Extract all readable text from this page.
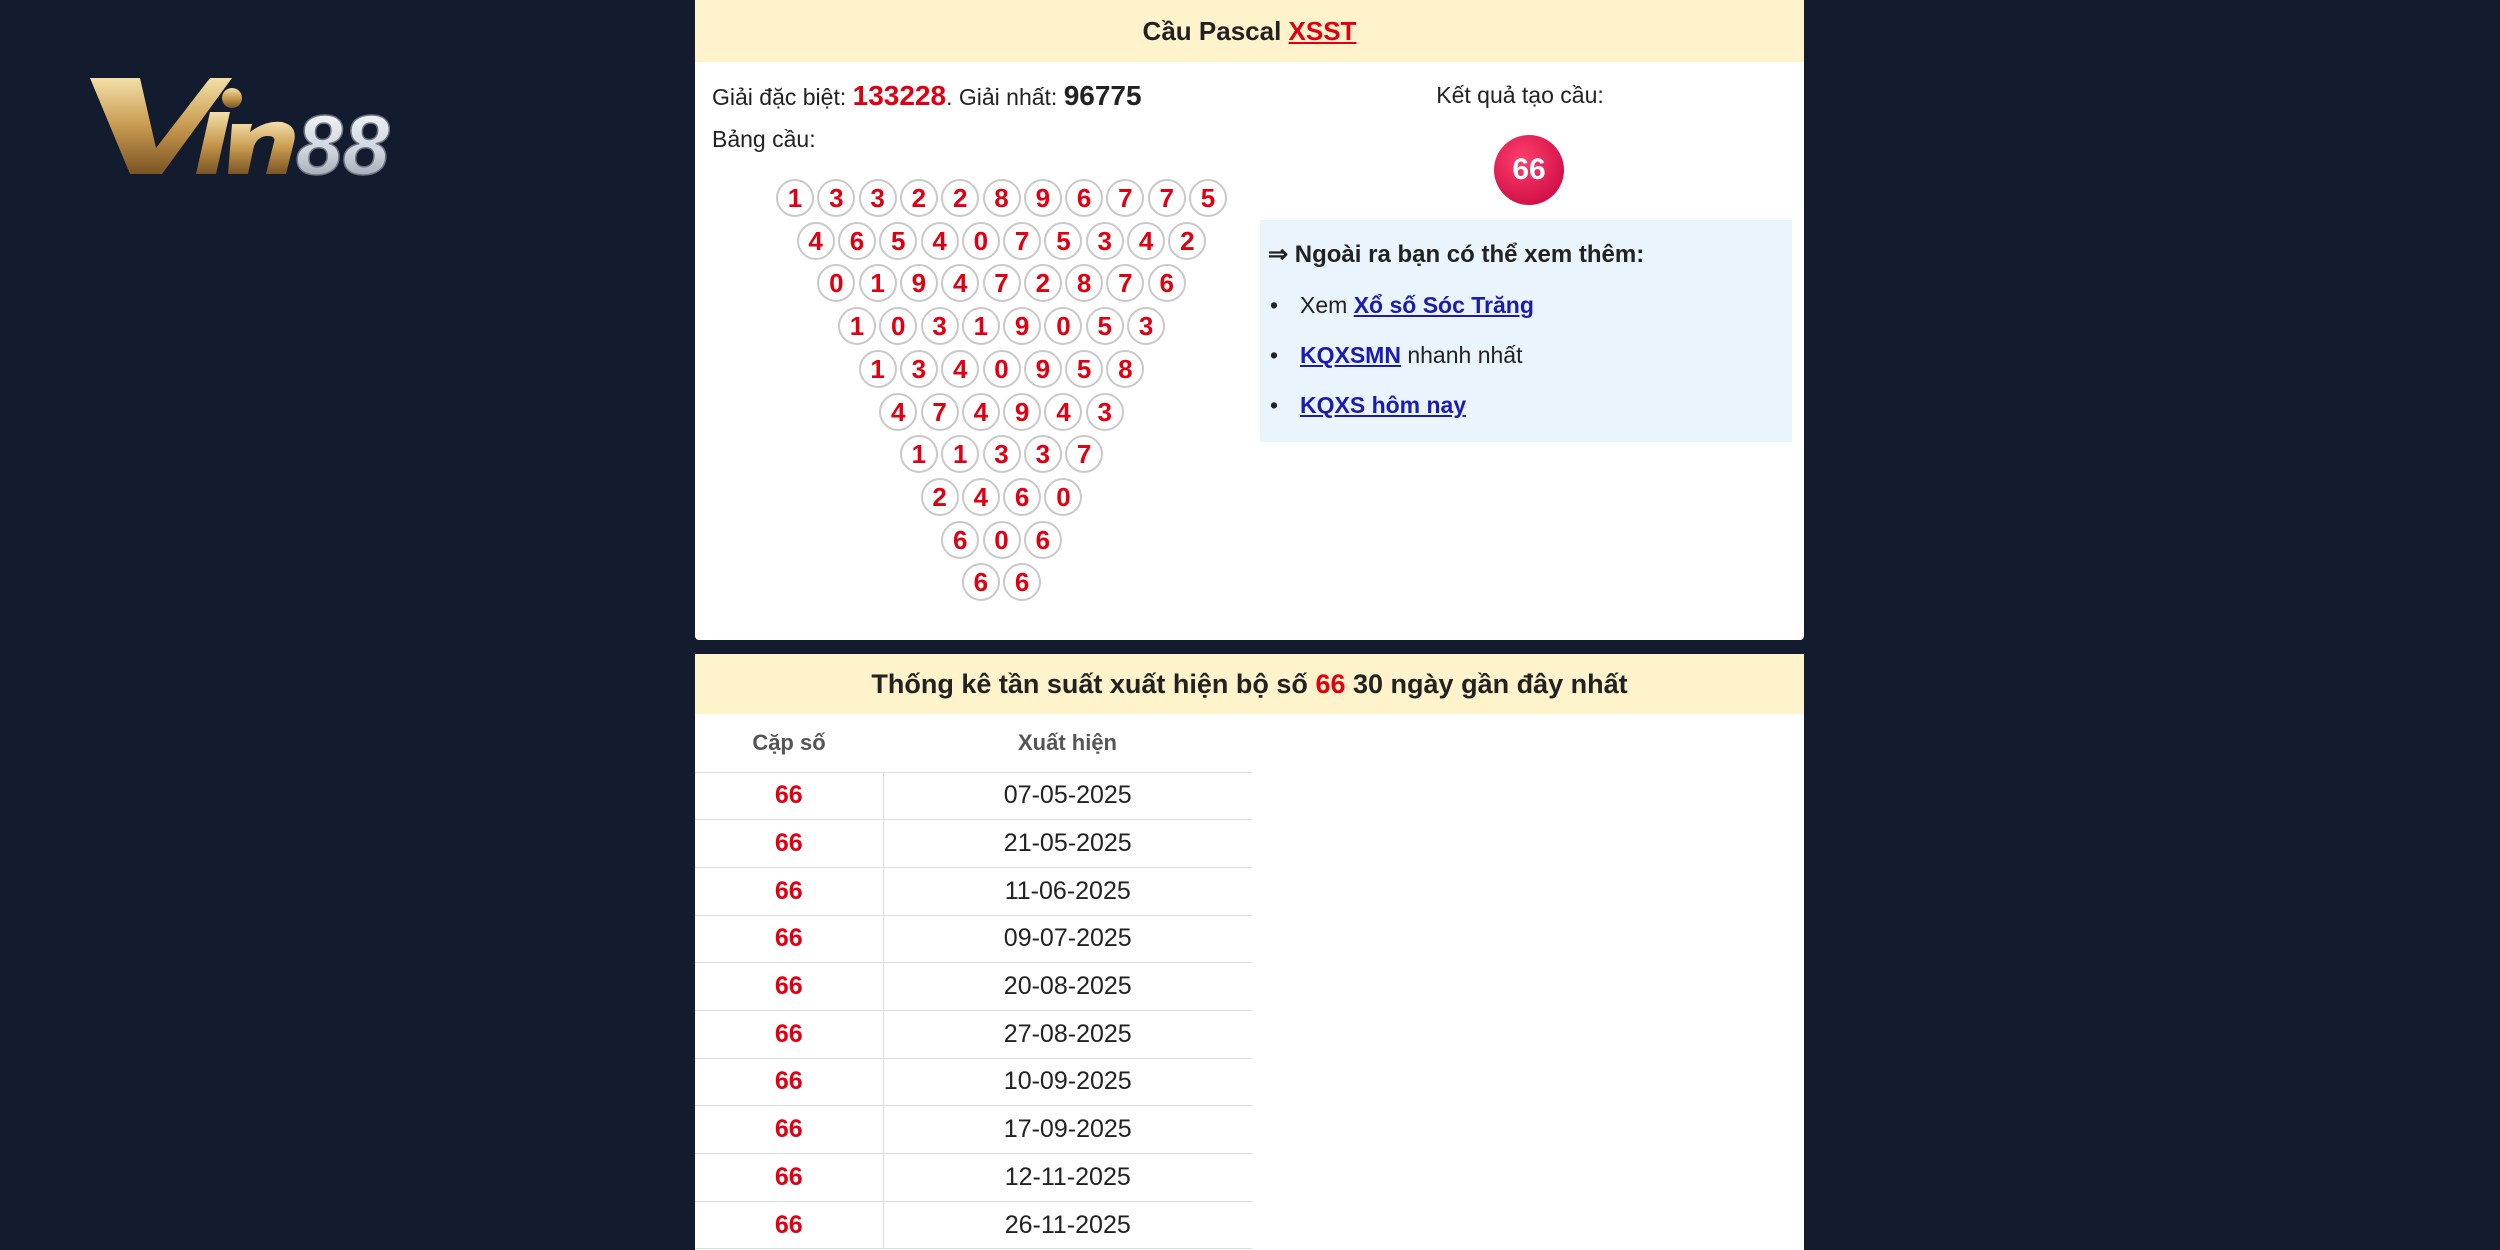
88
Cầu Pascal XSST
Giải đặc biệt: 133228. Giải nhất: 96775
Bảng cầu:
1	3	3	2	2	8	9	6	7	7	5
4	6	5	4	0	7	5	3	4	2
0	1	9	4	7	2	8	7	6
1	0	3	1	9	0	5	3
1	3	4	0	9	5	8
4	7	4	9	4	3
1	1	3	3	7
2	4	6	0
6	0	6
6	6
Kết quả tạo cầu:
66
⇒ Ngoài ra bạn có thể xem thêm:
• Xem Xổ số Sóc Trăng
• KQXSMN nhanh nhất
• KQXS hôm nay
Thống kê tần suất xuất hiện bộ số 66 30 ngày gần đây nhất
Cặp số	Xuất hiện
66	07-05-2025
66	21-05-2025
66	11-06-2025
66	09-07-2025
66	20-08-2025
66	27-08-2025
66	10-09-2025
66	17-09-2025
66	12-11-2025
66	26-11-2025
